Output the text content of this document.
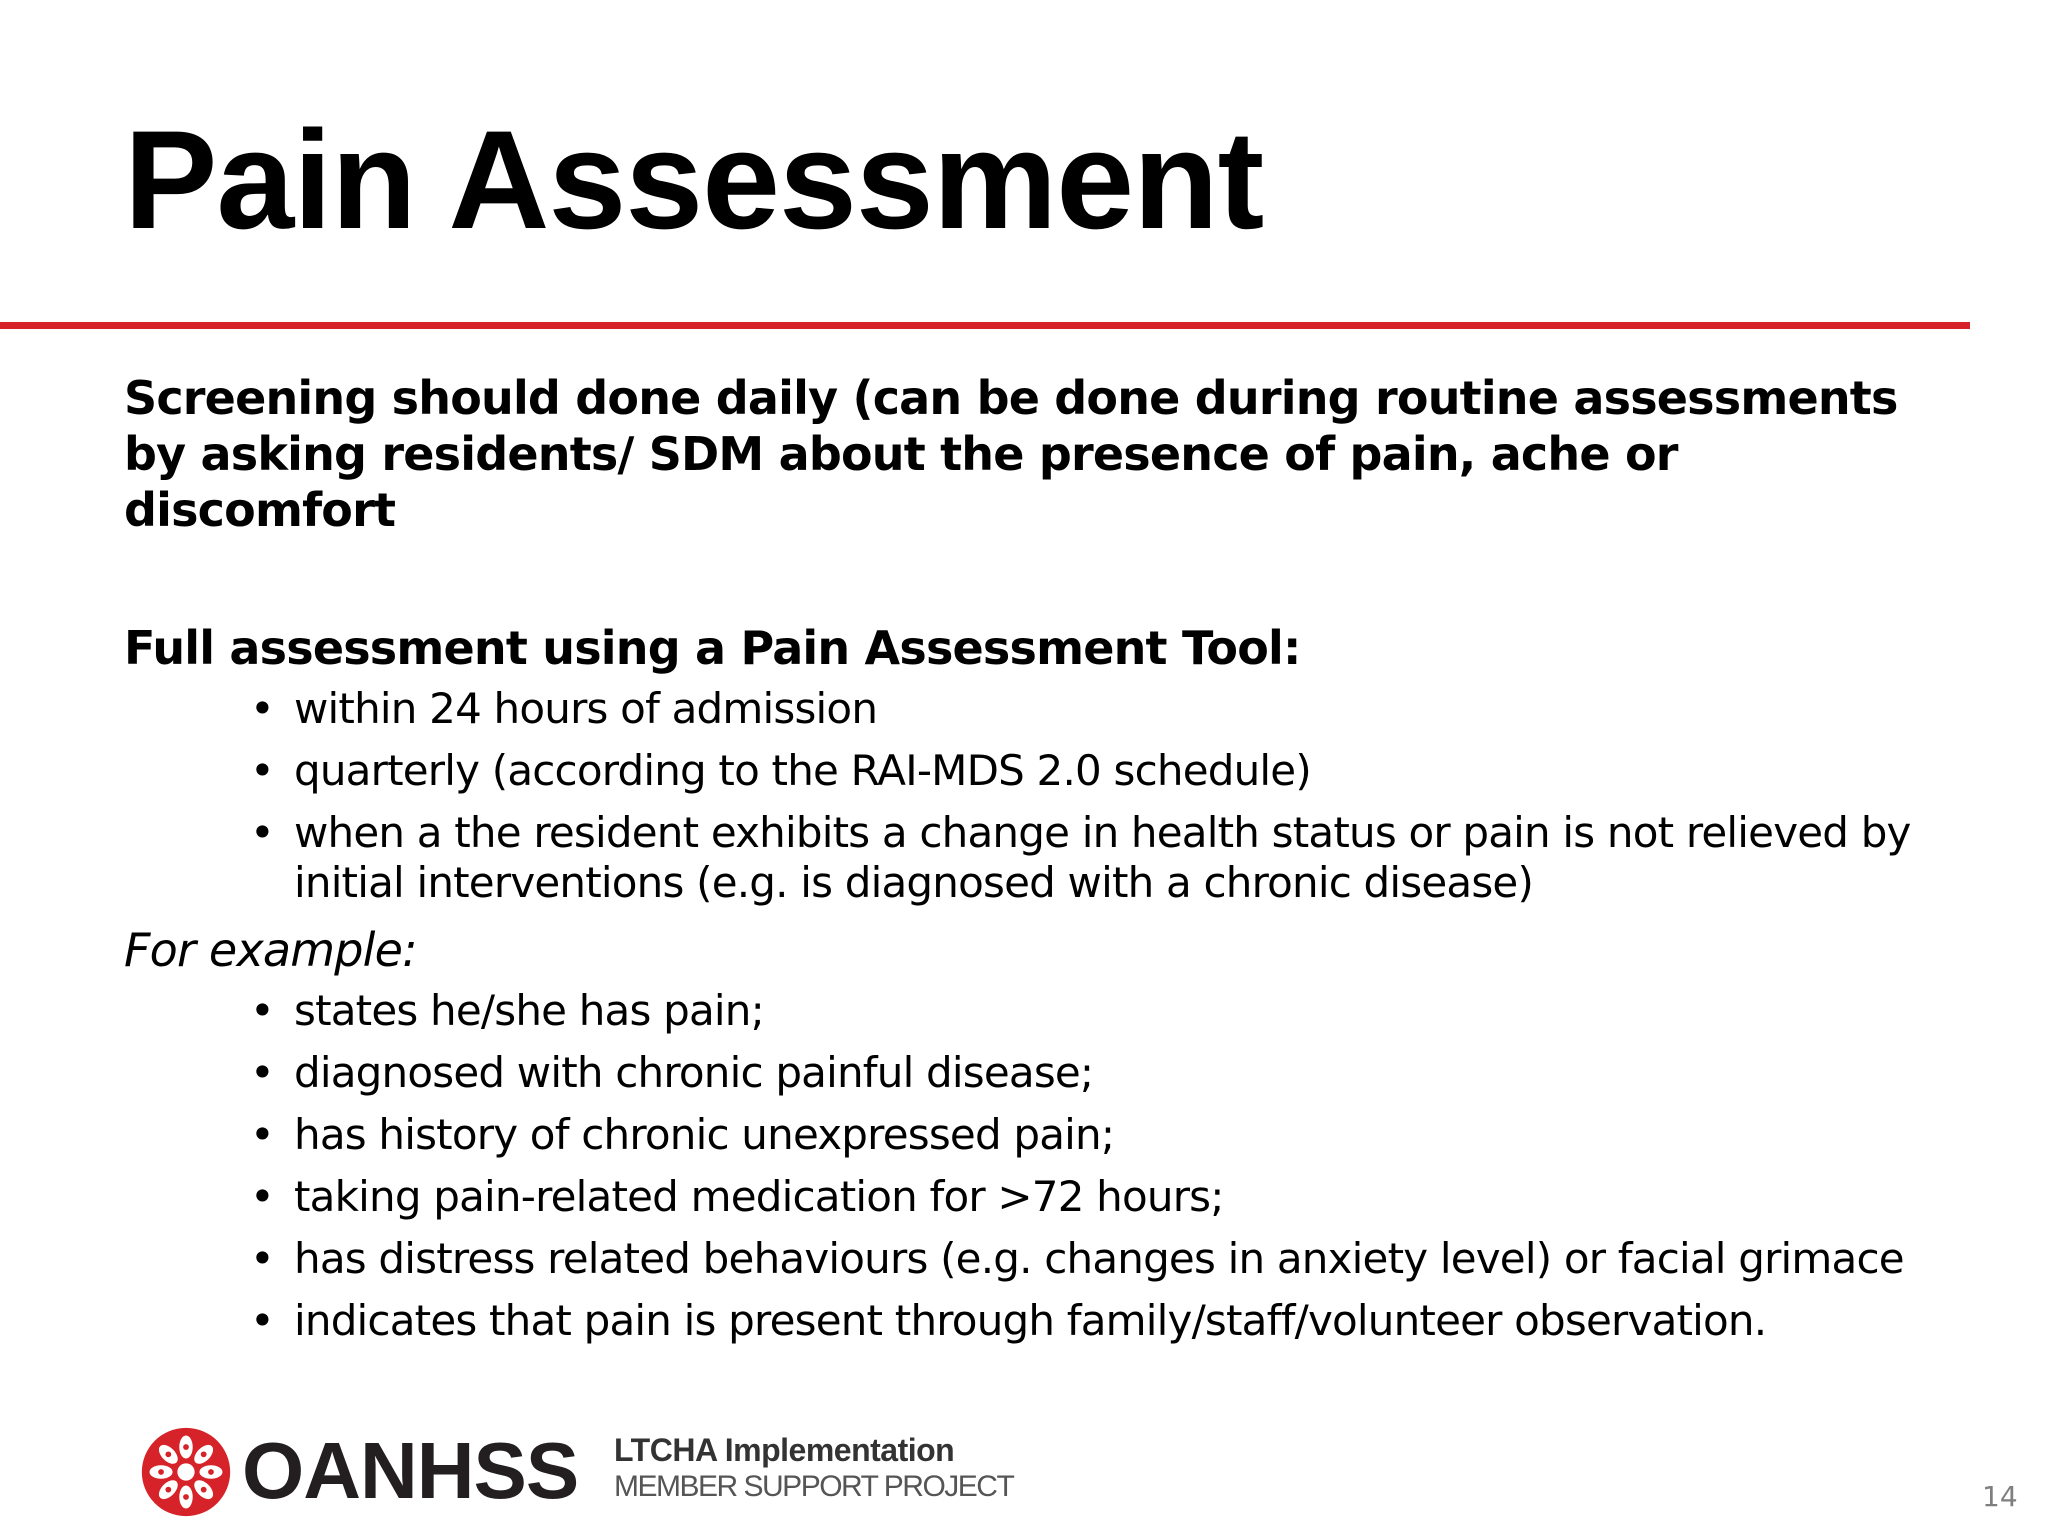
Pain Assessment

Screening should done daily (can be done during routine assessments by asking residents/ SDM about the presence of pain, ache or discomfort

Full assessment using a Pain Assessment Tool:

• within 24 hours of admission
• quarterly (according to the RAI-MDS 2.0 schedule)
• when a the resident exhibits a change in health status or pain is not relieved by initial interventions (e.g. is diagnosed with a chronic disease)

For example:

• states he/she has pain;
• diagnosed with chronic painful disease;
• has history of chronic unexpressed pain;
• taking pain-related medication for >72 hours;
• has distress related behaviours (e.g. changes in anxiety level) or facial grimace
• indicates that pain is present through family/staff/volunteer observation.
OANHSS LTCHA Implementation
MEMBER SUPPORT PROJECT	14
